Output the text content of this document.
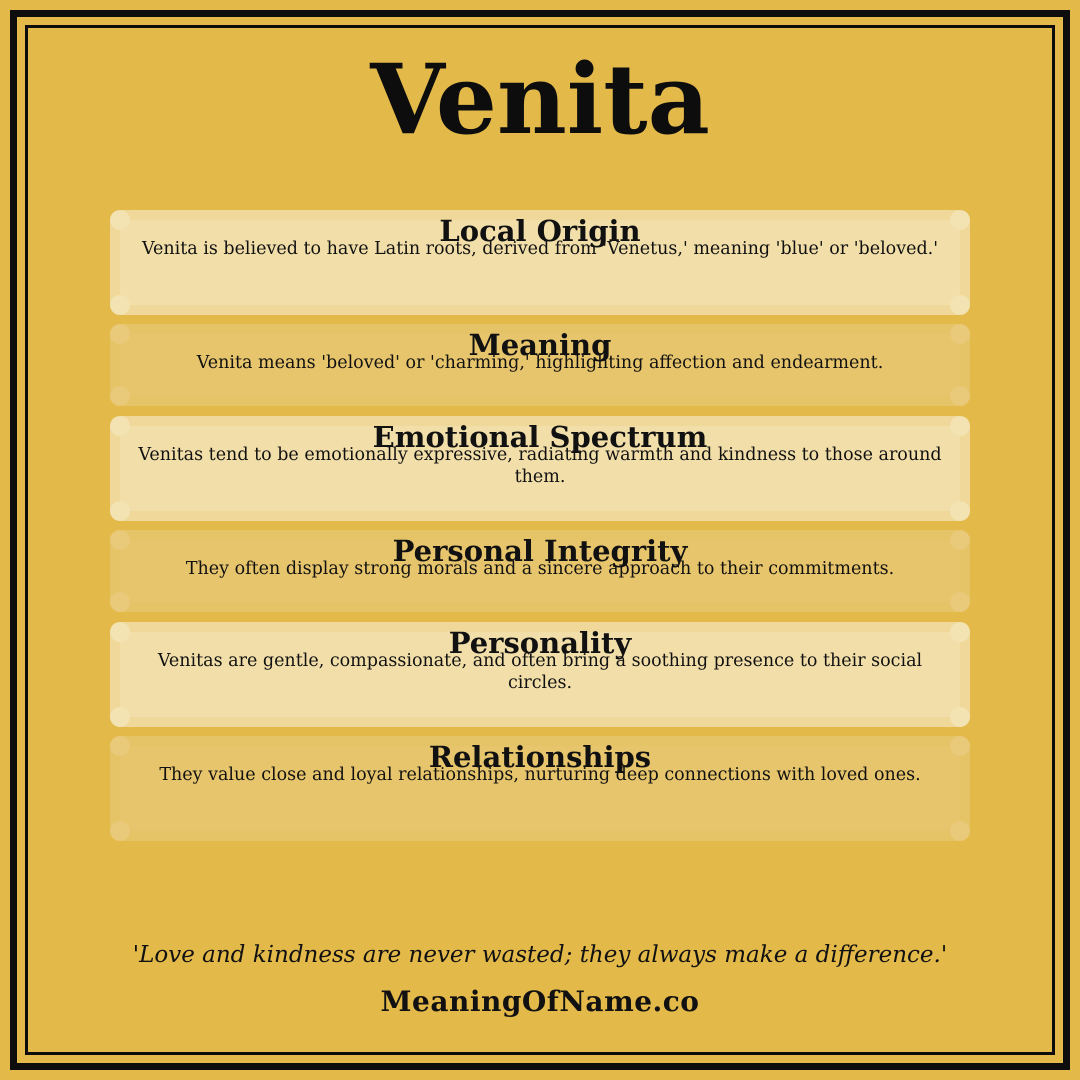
Venita
Local Origin
Venita is believed to have Latin roots, derived from 'Venetus,' meaning 'blue' or 'beloved.'
Meaning
Venita means 'beloved' or 'charming,' highlighting affection and endearment.
Emotional Spectrum
Venitas tend to be emotionally expressive, radiating warmth and kindness to those around them.
Personal Integrity
They often display strong morals and a sincere approach to their commitments.
Personality
Venitas are gentle, compassionate, and often bring a soothing presence to their social circles.
Relationships
They value close and loyal relationships, nurturing deep connections with loved ones.
'Love and kindness are never wasted; they always make a difference.'
MeaningOfName.co
